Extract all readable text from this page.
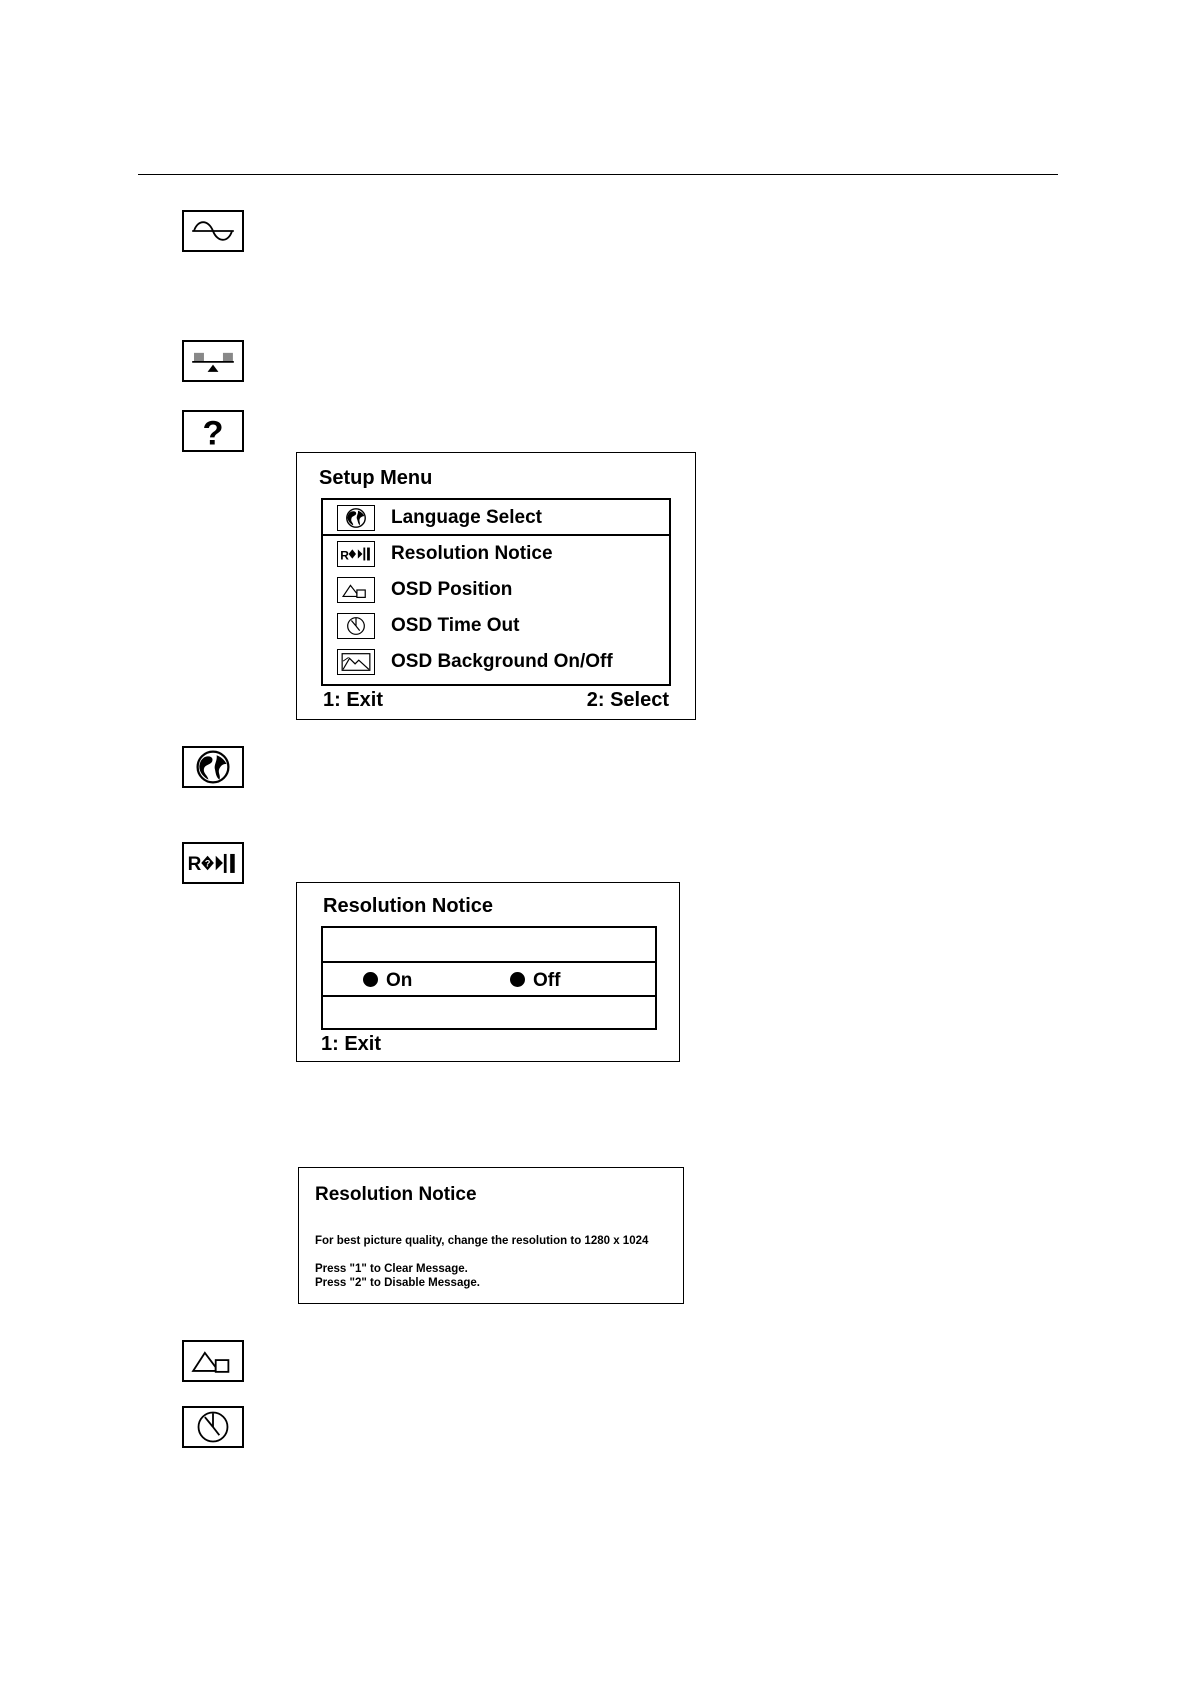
?
R ?
Setup Menu
Language Select
R Resolution Notice
OSD Position
OSD Time Out
OSD Background On/Off
1: Exit	2: Select
Resolution Notice
On	Off
1: Exit
Resolution Notice
For best picture quality, change the resolution to 1280 x 1024
Press "1" to Clear Message.
Press "2" to Disable Message.
